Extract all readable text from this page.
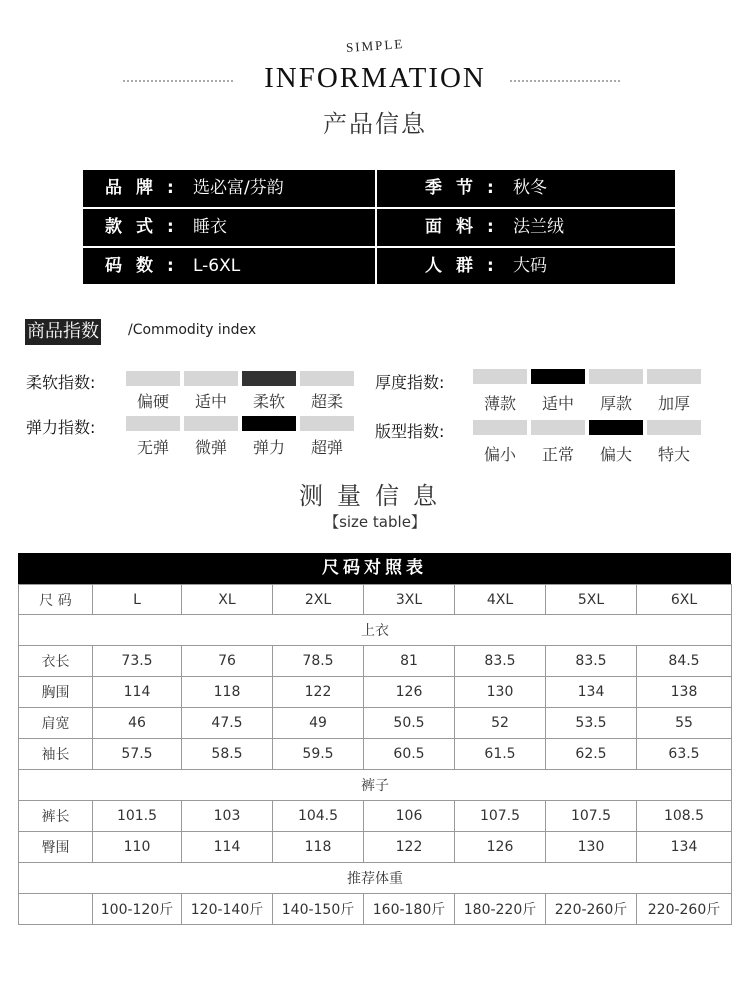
SIMPLE
INFORMATION
产品信息
品牌: 选必富/芬韵	季节: 秋冬
款式: 睡衣	面料: 法兰绒
码数: L-6XL	人群: 大码
商品指数 /Commodity index
柔软指数:
弹力指数:
厚度指数:
版型指数:
偏硬	适中	柔软	超柔
无弹	微弹	弹力	超弹
薄款	适中	厚款	加厚
偏小	正常	偏大	特大
测量信息
【size table】
尺码对照表
尺 码	L	XL	2XL	3XL	4XL	5XL	6XL
上衣							
衣长	73.5	76	78.5	81	83.5	83.5	84.5
胸围	114	118	122	126	130	134	138
肩宽	46	47.5	49	50.5	52	53.5	55
袖长	57.5	58.5	59.5	60.5	61.5	62.5	63.5
裤子							
裤长	101.5	103	104.5	106	107.5	107.5	108.5
臀围	110	114	118	122	126	130	134
推荐体重							
	100-120斤	120-140斤	140-150斤	160-180斤	180-220斤	220-260斤	220-260斤
